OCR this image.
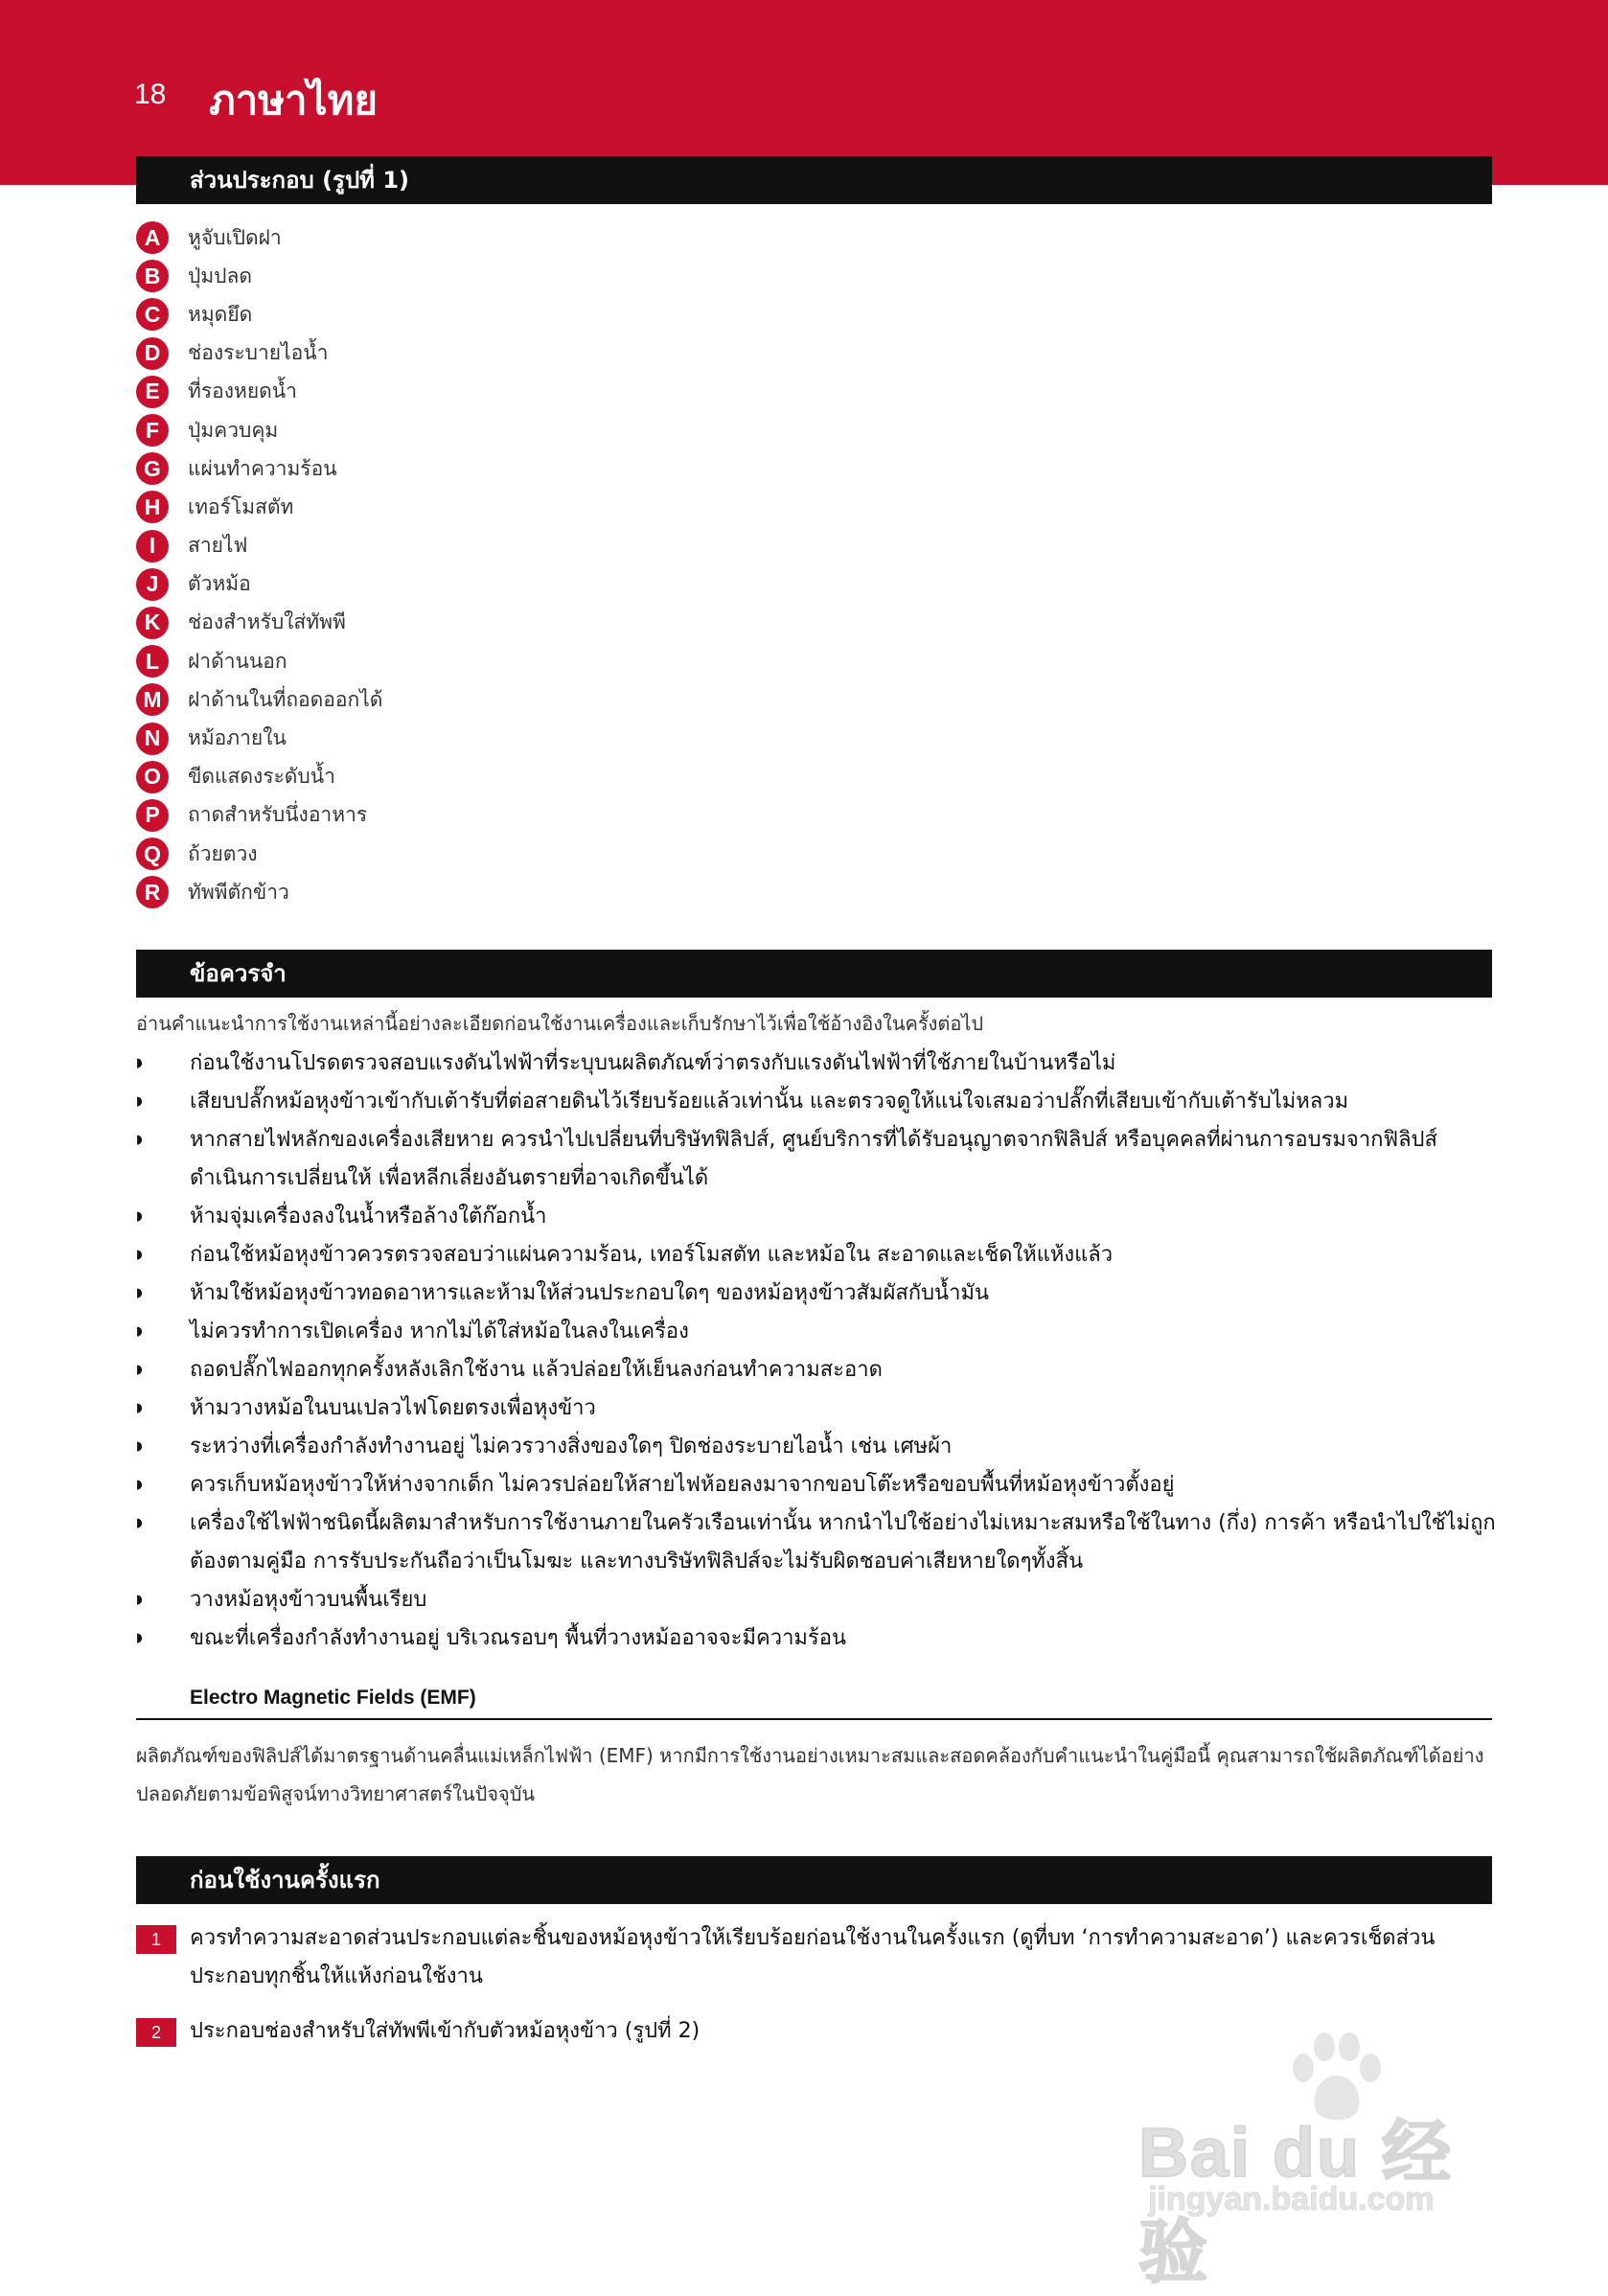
18 ภาษาไทย
ส่วนประกอบ (รูปที่ 1)
A	หูจับเปิดฝา
B	ปุ่มปลด
C	หมุดยึด
D	ช่องระบายไอน้ำ
E	ที่รองหยดน้ำ
F	ปุ่มควบคุม
G	แผ่นทำความร้อน
H	เทอร์โมสตัท
I	สายไฟ
J	ตัวหม้อ
K	ช่องสำหรับใส่ทัพพี
L	ฝาด้านนอก
M	ฝาด้านในที่ถอดออกได้
N	หม้อภายใน
O	ขีดแสดงระดับน้ำ
P	ถาดสำหรับนึ่งอาหาร
Q	ถ้วยตวง
R	ทัพพีตักข้าว
ข้อควรจำ
อ่านคำแนะนำการใช้งานเหล่านี้อย่างละเอียดก่อนใช้งานเครื่องและเก็บรักษาไว้เพื่อใช้อ้างอิงในครั้งต่อไป
◗	ก่อนใช้งานโปรดตรวจสอบแรงดันไฟฟ้าที่ระบุบนผลิตภัณฑ์ว่าตรงกับแรงดันไฟฟ้าที่ใช้ภายในบ้านหรือไม่
◗	เสียบปลั๊กหม้อหุงข้าวเข้ากับเต้ารับที่ต่อสายดินไว้เรียบร้อยแล้วเท่านั้น และตรวจดูให้แน่ใจเสมอว่าปลั๊กที่เสียบเข้ากับเต้ารับไม่หลวม
◗	หากสายไฟหลักของเครื่องเสียหาย ควรนำไปเปลี่ยนที่บริษัทฟิลิปส์, ศูนย์บริการที่ได้รับอนุญาตจากฟิลิปส์ หรือบุคคลที่ผ่านการอบรมจากฟิลิปส์ดำเนินการเปลี่ยนให้ เพื่อหลีกเลี่ยงอันตรายที่อาจเกิดขึ้นได้
◗	ห้ามจุ่มเครื่องลงในน้ำหรือล้างใต้ก๊อกน้ำ
◗	ก่อนใช้หม้อหุงข้าวควรตรวจสอบว่าแผ่นความร้อน, เทอร์โมสตัท และหม้อใน สะอาดและเช็ดให้แห้งแล้ว
◗	ห้ามใช้หม้อหุงข้าวทอดอาหารและห้ามให้ส่วนประกอบใดๆ ของหม้อหุงข้าวสัมผัสกับน้ำมัน
◗	ไม่ควรทำการเปิดเครื่อง หากไม่ได้ใส่หม้อในลงในเครื่อง
◗	ถอดปลั๊กไฟออกทุกครั้งหลังเลิกใช้งาน แล้วปล่อยให้เย็นลงก่อนทำความสะอาด
◗	ห้ามวางหม้อในบนเปลวไฟโดยตรงเพื่อหุงข้าว
◗	ระหว่างที่เครื่องกำลังทำงานอยู่ ไม่ควรวางสิ่งของใดๆ ปิดช่องระบายไอน้ำ เช่น เศษผ้า
◗	ควรเก็บหม้อหุงข้าวให้ห่างจากเด็ก ไม่ควรปล่อยให้สายไฟห้อยลงมาจากขอบโต๊ะหรือขอบพื้นที่หม้อหุงข้าวตั้งอยู่
◗	เครื่องใช้ไฟฟ้าชนิดนี้ผลิตมาสำหรับการใช้งานภายในครัวเรือนเท่านั้น หากนำไปใช้อย่างไม่เหมาะสมหรือใช้ในทาง (กึ่ง) การค้า หรือนำไปใช้ไม่ถูกต้องตามคู่มือ การรับประกันถือว่าเป็นโมฆะ และทางบริษัทฟิลิปส์จะไม่รับผิดชอบค่าเสียหายใดๆทั้งสิ้น
◗	วางหม้อหุงข้าวบนพื้นเรียบ
◗	ขณะที่เครื่องกำลังทำงานอยู่ บริเวณรอบๆ พื้นที่วางหม้ออาจจะมีความร้อน
Electro Magnetic Fields (EMF)
ผลิตภัณฑ์ของฟิลิปส์ได้มาตรฐานด้านคลื่นแม่เหล็กไฟฟ้า (EMF) หากมีการใช้งานอย่างเหมาะสมและสอดคล้องกับคำแนะนำในคู่มือนี้ คุณสามารถใช้ผลิตภัณฑ์ได้อย่างปลอดภัยตามข้อพิสูจน์ทางวิทยาศาสตร์ในปัจจุบัน
ก่อนใช้งานครั้งแรก
1	ควรทำความสะอาดส่วนประกอบแต่ละชิ้นของหม้อหุงข้าวให้เรียบร้อยก่อนใช้งานในครั้งแรก (ดูที่บท ‘การทำความสะอาด’) และควรเช็ดส่วนประกอบทุกชิ้นให้แห้งก่อนใช้งาน
2	ประกอบช่องสำหรับใส่ทัพพีเข้ากับตัวหม้อหุงข้าว (รูปที่ 2)
Bai du 经验
jingyan.baidu.com
